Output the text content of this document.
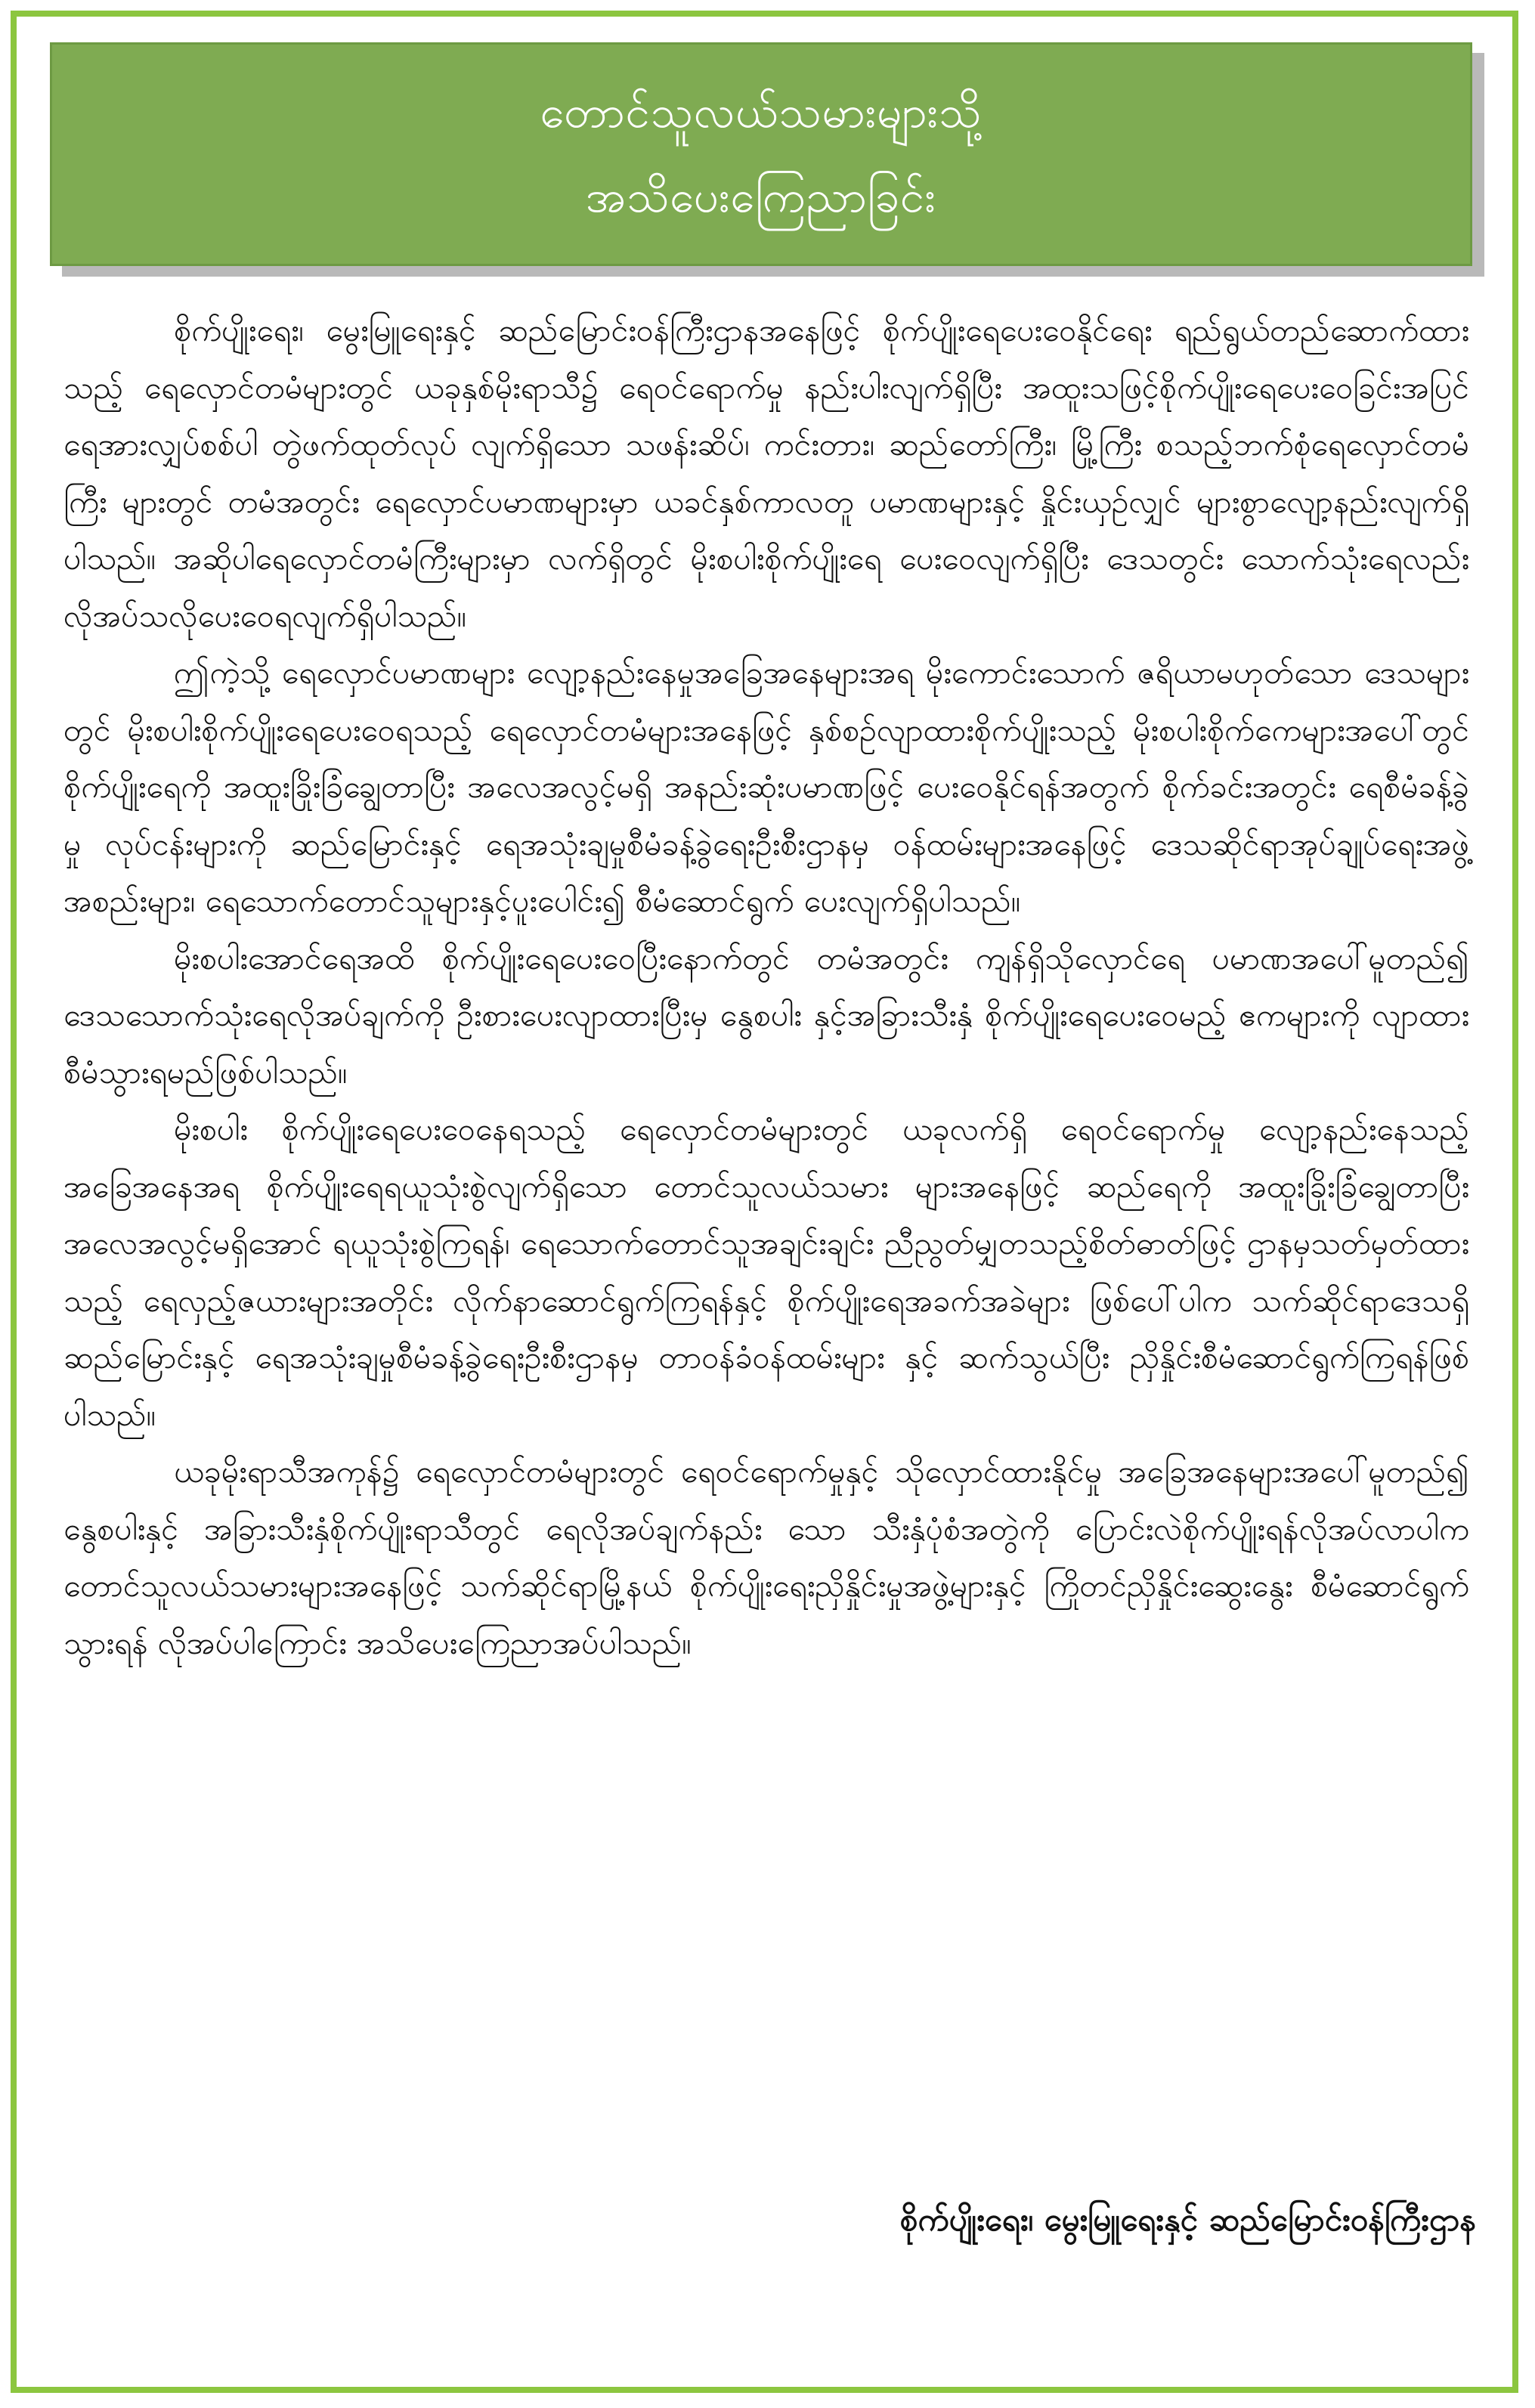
တောင်သူလယ်သမားများသို့
အသိပေးကြေညာခြင်း

စိုက်ပျိုးရေး၊ မွေးမြူရေးနှင့် ဆည်မြောင်းဝန်ကြီးဌာနအနေဖြင့် စိုက်ပျိုးရေပေးဝေနိုင်ရေး ရည်ရွယ်တည်ဆောက်ထားသည့် ရေလှောင်တမံများတွင် ယခုနှစ်မိုးရာသီ၌ ရေဝင်ရောက်မှု နည်းပါးလျက်ရှိပြီး အထူးသဖြင့်စိုက်ပျိုးရေပေးဝေခြင်းအပြင် ရေအားလျှပ်စစ်ပါ တွဲဖက်ထုတ်လုပ် လျက်ရှိသော သဖန်းဆိပ်၊ ကင်းတား၊ ဆည်တော်ကြီး၊ မြို့ကြီး စသည့်ဘက်စုံရေလှောင်တမံကြီး များတွင် တမံအတွင်း ရေလှောင်ပမာဏများမှာ ယခင်နှစ်ကာလတူ ပမာဏများနှင့် နှိုင်းယှဉ်လျှင် များစွာလျော့နည်းလျက်ရှိပါသည်။ အဆိုပါရေလှောင်တမံကြီးများမှာ လက်ရှိတွင် မိုးစပါးစိုက်ပျိုးရေ ပေးဝေလျက်ရှိပြီး ဒေသတွင်း သောက်သုံးရေလည်း လိုအပ်သလိုပေးဝေရလျက်ရှိပါသည်။

ဤကဲ့သို့ ရေလှောင်ပမာဏများ လျော့နည်းနေမှုအခြေအနေများအရ မိုးကောင်းသောက် ဇရိယာမဟုတ်သော ဒေသများတွင် မိုးစပါးစိုက်ပျိုးရေပေးဝေရသည့် ရေလှောင်တမံများအနေဖြင့် နှစ်စဉ်လျာထားစိုက်ပျိုးသည့် မိုးစပါးစိုက်ကေများအပေါ်တွင် စိုက်ပျိုးရေကို အထူးခြိုးခြံချွေတာပြီး အလေအလွင့်မရှိ အနည်းဆုံးပမာဏဖြင့် ပေးဝေနိုင်ရန်အတွက် စိုက်ခင်းအတွင်း ရေစီမံခန့်ခွဲမှု လုပ်ငန်းများကို ဆည်မြောင်းနှင့် ရေအသုံးချမှုစီမံခန့်ခွဲရေးဦးစီးဌာနမှ ဝန်ထမ်းများအနေဖြင့် ဒေသဆိုင်ရာအုပ်ချုပ်ရေးအဖွဲ့အစည်းများ၊ ရေသောက်တောင်သူများနှင့်ပူးပေါင်း၍ စီမံဆောင်ရွက် ပေးလျက်ရှိပါသည်။

မိုးစပါးအောင်ရေအထိ စိုက်ပျိုးရေပေးဝေပြီးနောက်တွင် တမံအတွင်း ကျန်ရှိသိုလှောင်ရေ ပမာဏအပေါ်မူတည်၍ ဒေသသောက်သုံးရေလိုအပ်ချက်ကို ဦးစားပေးလျာထားပြီးမှ နွေစပါး နှင့်အခြားသီးနှံ စိုက်ပျိုးရေပေးဝေမည့် ဧကများကို လျာထားစီမံသွားရမည်ဖြစ်ပါသည်။

မိုးစပါး စိုက်ပျိုးရေပေးဝေနေရသည့် ရေလှောင်တမံများတွင် ယခုလက်ရှိ ရေဝင်ရောက်မှု လျော့နည်းနေသည့် အခြေအနေအရ စိုက်ပျိုးရေရယူသုံးစွဲလျက်ရှိသော တောင်သူလယ်သမား များအနေဖြင့် ဆည်ရေကို အထူးခြိုးခြံချွေတာပြီး အလေအလွင့်မရှိအောင် ရယူသုံးစွဲကြရန်၊ ရေသောက်တောင်သူအချင်းချင်း ညီညွတ်မျှတသည့်စိတ်ဓာတ်ဖြင့် ဌာနမှသတ်မှတ်ထားသည့် ရေလှည့်ဇယားများအတိုင်း လိုက်နာဆောင်ရွက်ကြရန်နှင့် စိုက်ပျိုးရေအခက်အခဲများ ဖြစ်ပေါ်ပါက သက်ဆိုင်ရာဒေသရှိ ဆည်မြောင်းနှင့် ရေအသုံးချမှုစီမံခန့်ခွဲရေးဦးစီးဌာနမှ တာဝန်ခံဝန်ထမ်းများ နှင့် ဆက်သွယ်ပြီး ညှိနှိုင်းစီမံဆောင်ရွက်ကြရန်ဖြစ်ပါသည်။

ယခုမိုးရာသီအကုန်၌ ရေလှောင်တမံများတွင် ရေဝင်ရောက်မှုနှင့် သိုလှောင်ထားနိုင်မှု အခြေအနေများအပေါ်မူတည်၍ နွေစပါးနှင့် အခြားသီးနှံစိုက်ပျိုးရာသီတွင် ရေလိုအပ်ချက်နည်း သော သီးနှံပုံစံအတွဲကို ပြောင်းလဲစိုက်ပျိုးရန်လိုအပ်လာပါက တောင်သူလယ်သမားများအနေဖြင့် သက်ဆိုင်ရာမြို့နယ် စိုက်ပျိုးရေးညှိနှိုင်းမှုအဖွဲ့များနှင့် ကြိုတင်ညှိနှိုင်းဆွေးနွေး စီမံဆောင်ရွက် သွားရန် လိုအပ်ပါကြောင်း အသိပေးကြေညာအပ်ပါသည်။

စိုက်ပျိုးရေး၊ မွေးမြူရေးနှင့် ဆည်မြောင်းဝန်ကြီးဌာန
